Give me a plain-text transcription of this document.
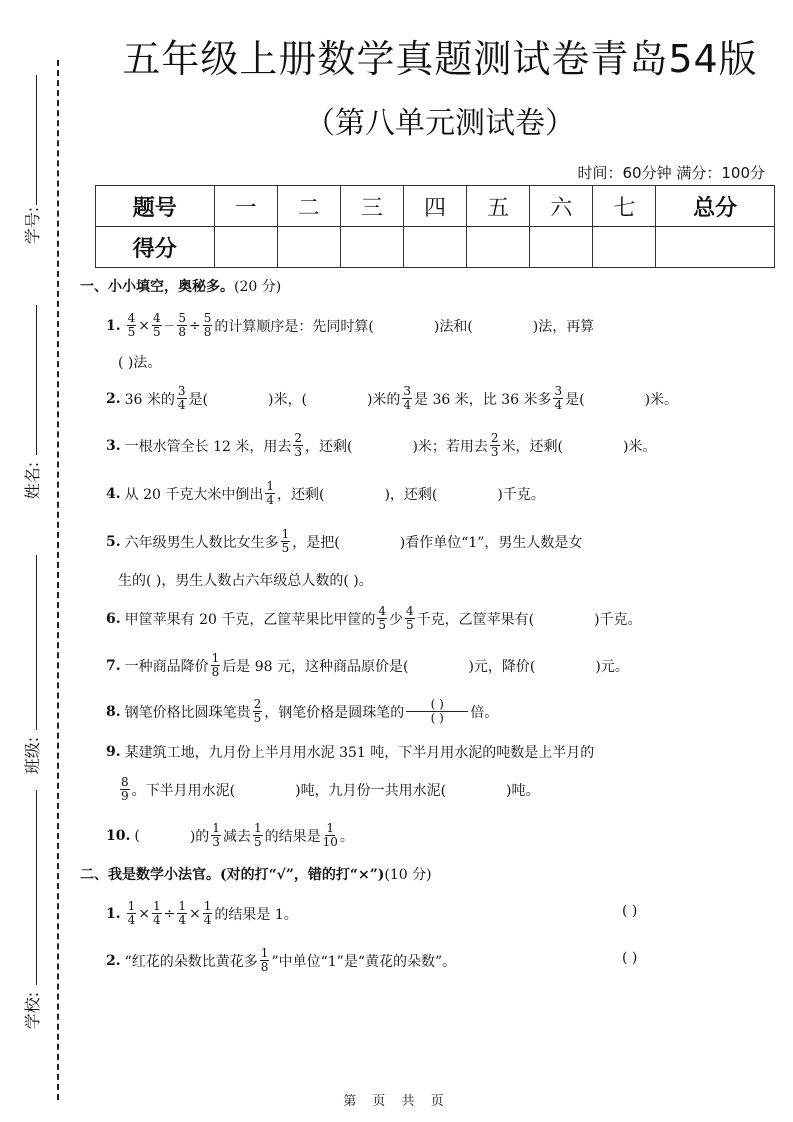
学号:
姓名:
班级:
学校:
五年级上册数学真题测试卷青岛54版
（第八单元测试卷）
时间：60分钟 满分：100分
题号	一	二	三	四	五	六	七	总分
得分								
一、小小填空，奥秘多。(20 分)
1. $\frac{4}{5} \times \frac{4}{5} - \frac{5}{8} \div \frac{5}{8}$ 的计算顺序是：先同时算(	)法和(	)法，再算
( )法。
2. 36 米的 $\frac{3}{4}$ 是(	)米，(	)米的 $\frac{3}{4}$ 是 36 米，比 36 米多 $\frac{3}{4}$ 是(	)米。
3. 一根水管全长 12 米，用去 $\frac{2}{3}$ ，还剩(	)米；若用去 $\frac{2}{3}$ 米，还剩(	)米。
4. 从 20 千克大米中倒出 $\frac{1}{4}$ ，还剩(	)，还剩(	)千克。
5. 六年级男生人数比女生多 $\frac{1}{5}$ ，是把(	)看作单位“1”，男生人数是女
生的( )，男生人数占六年级总人数的( )。
6. 甲筐苹果有 20 千克，乙筐苹果比甲筐的 $\frac{4}{5}$ 少 $\frac{4}{5}$ 千克，乙筐苹果有(	)千克。
7. 一种商品降价 $\frac{1}{8}$ 后是 98 元，这种商品原价是(	)元，降价(	)元。
8. 钢笔价格比圆珠笔贵 $\frac{2}{5}$ ，钢笔价格是圆珠笔的 $\frac{( )}{( )}$ 倍。
9. 某建筑工地，九月份上半月用水泥 351 吨，下半月用水泥的吨数是上半月的
$\frac{8}{9}$ 。下半月用水泥(	)吨，九月份一共用水泥(	)吨。
10. (	)的 $\frac{1}{3}$ 减去 $\frac{1}{5}$ 的结果是 $\frac{1}{10}$ 。
二、我是数学小法官。(对的打“√”，错的打“×”)(10 分)
1. $\frac{1}{4} \times \frac{1}{4} \div \frac{1}{4} \times \frac{1}{4}$ 的结果是 1。	( )
2. “红花的朵数比黄花多 $\frac{1}{8}$ ”中单位“1”是“黄花的朵数”。	( )
第 页 共 页
